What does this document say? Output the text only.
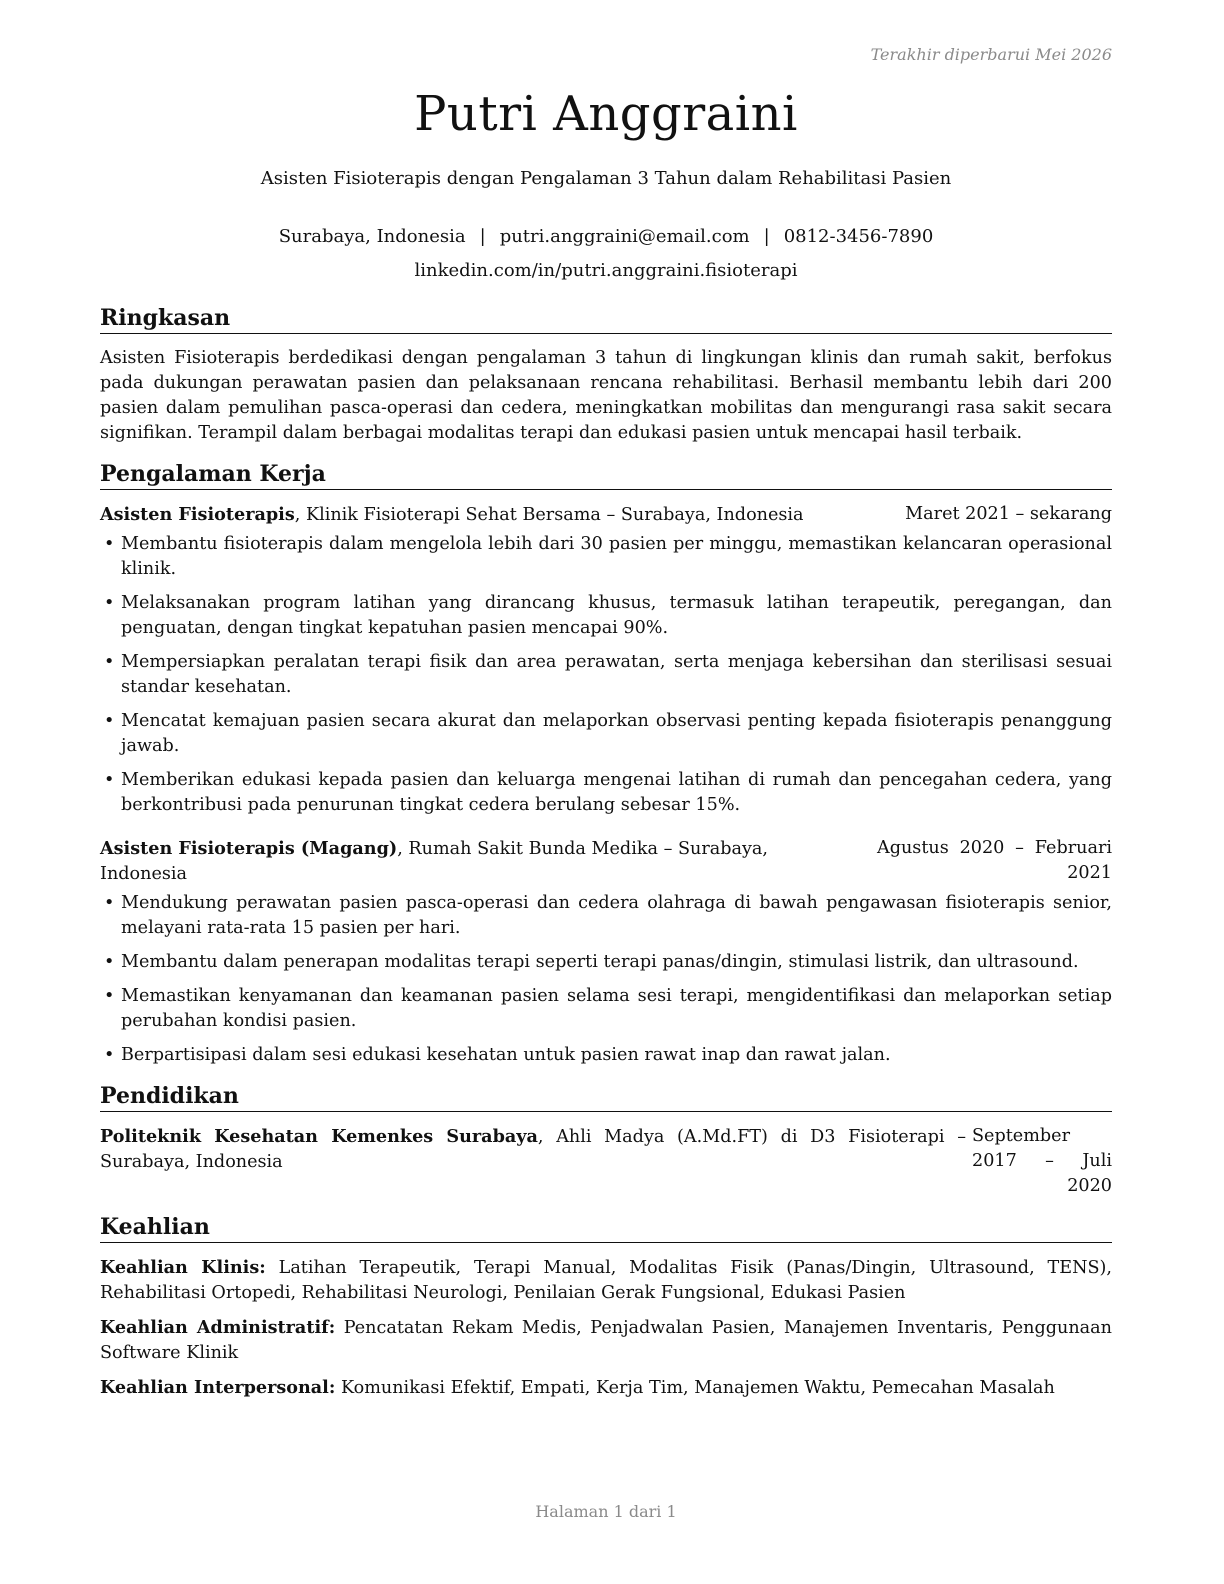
Terakhir diperbarui Mei 2026
Putri Anggraini
Asisten Fisioterapis dengan Pengalaman 3 Tahun dalam Rehabilitasi Pasien
Surabaya, Indonesia | putri.anggraini@email.com | 0812-3456-7890
linkedin.com/in/putri.anggraini.fisioterapi
Ringkasan

Asisten Fisioterapis berdedikasi dengan pengalaman 3 tahun di lingkungan klinis dan rumah sakit, berfokus pada dukungan perawatan pasien dan pelaksanaan rencana rehabilitasi. Berhasil membantu lebih dari 200 pasien dalam pemulihan pasca-operasi dan cedera, meningkatkan mobilitas dan mengurangi rasa sakit secara signifikan. Terampil dalam berbagai modalitas terapi dan edukasi pasien untuk mencapai hasil terbaik.

Pengalaman Kerja
Asisten Fisioterapis, Klinik Fisioterapi Sehat Bersama – Surabaya, Indonesia	Maret 2021 – sekarang
• Membantu fisioterapis dalam mengelola lebih dari 30 pasien per minggu, memastikan kelancaran operasional klinik.
• Melaksanakan program latihan yang dirancang khusus, termasuk latihan terapeutik, peregangan, dan penguatan, dengan tingkat kepatuhan pasien mencapai 90%.
• Mempersiapkan peralatan terapi fisik dan area perawatan, serta menjaga kebersihan dan sterilisasi sesuai standar kesehatan.
• Mencatat kemajuan pasien secara akurat dan melaporkan observasi penting kepada fisioterapis penanggung jawab.
• Memberikan edukasi kepada pasien dan keluarga mengenai latihan di rumah dan pencegahan cedera, yang berkontribusi pada penurunan tingkat cedera berulang sebesar 15%.
Asisten Fisioterapis (Magang), Rumah Sakit Bunda Medika – Surabaya, Indonesia
Agustus 2020 – Februari 2021
• Mendukung perawatan pasien pasca-operasi dan cedera olahraga di bawah pengawasan fisioterapis senior, melayani rata-rata 15 pasien per hari.
• Membantu dalam penerapan modalitas terapi seperti terapi panas/dingin, stimulasi listrik, dan ultrasound.
• Memastikan kenyamanan dan keamanan pasien selama sesi terapi, mengidentifikasi dan melaporkan setiap perubahan kondisi pasien.
• Berpartisipasi dalam sesi edukasi kesehatan untuk pasien rawat inap dan rawat jalan.
Pendidikan
Politeknik Kesehatan Kemenkes Surabaya, Ahli Madya (A.Md.FT) di D3 Fisioterapi – Surabaya, Indonesia
September 2017 – Juli 2020
Keahlian

Keahlian Klinis: Latihan Terapeutik, Terapi Manual, Modalitas Fisik (Panas/Dingin, Ultrasound, TENS), Rehabilitasi Ortopedi, Rehabilitasi Neurologi, Penilaian Gerak Fungsional, Edukasi Pasien

Keahlian Administratif: Pencatatan Rekam Medis, Penjadwalan Pasien, Manajemen Inventaris, Penggunaan Software Klinik

Keahlian Interpersonal: Komunikasi Efektif, Empati, Kerja Tim, Manajemen Waktu, Pemecahan Masalah

Halaman 1 dari 1
